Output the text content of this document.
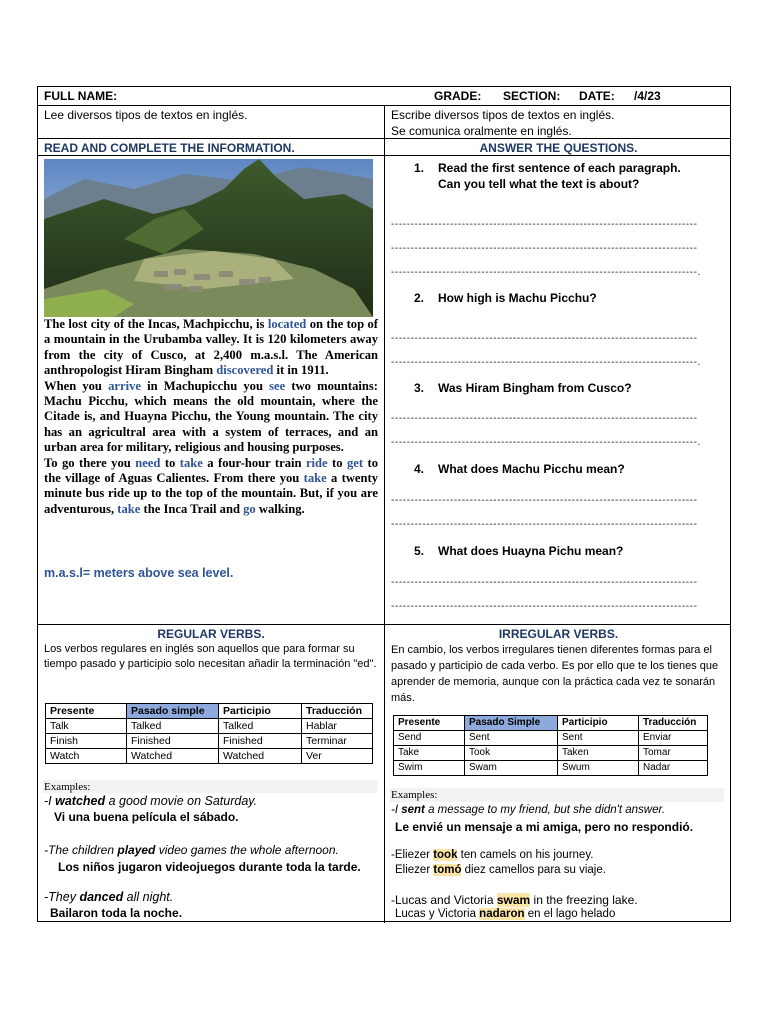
FULL NAME:	GRADE: SECTION: DATE: /4/23
Lee diversos tipos de textos en inglés.	Escribe diversos tipos de textos en inglés.
Se comunica oralmente en inglés.
READ AND COMPLETE THE INFORMATION.	ANSWER THE QUESTIONS.
The lost city of the Incas, Machpicchu, is located on the top of a mountain in the Urubamba valley. It is 120 kilometers away from the city of Cusco, at 2,400 m.a.s.l. The American anthropologist Hiram Bingham discovered it in 1911.
When you arrive in Machupicchu you see two mountains: Machu Picchu, which means the old mountain, where the Citade is, and Huayna Picchu, the Young mountain. The city has an agricultral area with a system of terraces, and an urban area for military, religious and housing purposes.
To go there you need to take a four-hour train ride to get to the village of Aguas Calientes. From there you take a twenty minute bus ride up to the top of the mountain. But, if you are adventurous, take the Inca Trail and go walking.
m.a.s.l= meters above sea level.
1. Read the first sentence of each paragraph.
Can you tell what the text is about?
------------------------------------------------------------------------------
------------------------------------------------------------------------------
------------------------------------------------------------------------------.
2. How high is Machu Picchu?
------------------------------------------------------------------------------
------------------------------------------------------------------------------.
3. Was Hiram Bingham from Cusco?
------------------------------------------------------------------------------
------------------------------------------------------------------------------.
4. What does Machu Picchu mean?
------------------------------------------------------------------------------
------------------------------------------------------------------------------
5. What does Huayna Pichu mean?
------------------------------------------------------------------------------
------------------------------------------------------------------------------
REGULAR VERBS.
Los verbos regulares en inglés son aquellos que para formar su tiempo pasado y participio solo necesitan añadir la terminación "ed".
Presente	Pasado simple	Participio	Traducción
Talk	Talked	Talked	Hablar
Finish	Finished	Finished	Terminar
Watch	Watched	Watched	Ver
Examples:
-I watched a good movie on Saturday.
Vi una buena película el sábado.
-The children played video games the whole afternoon.
Los niños jugaron videojuegos durante toda la tarde.
-They danced all night.
Bailaron toda la noche.
IRREGULAR VERBS.
En cambio, los verbos irregulares tienen diferentes formas para el pasado y participio de cada verbo. Es por ello que te los tienes que aprender de memoria, aunque con la práctica cada vez te sonarán más.
Presente	Pasado Simple	Participio	Traducción
Send	Sent	Sent	Enviar
Take	Took	Taken	Tomar
Swim	Swam	Swum	Nadar
Examples:
-I sent a message to my friend, but she didn't answer.
Le envié un mensaje a mi amiga, pero no respondió.
-Eliezer took ten camels on his journey.
Eliezer tomó diez camellos para su viaje.
-Lucas and Victoria swam in the freezing lake.
Lucas y Victoria nadaron en el lago helado
